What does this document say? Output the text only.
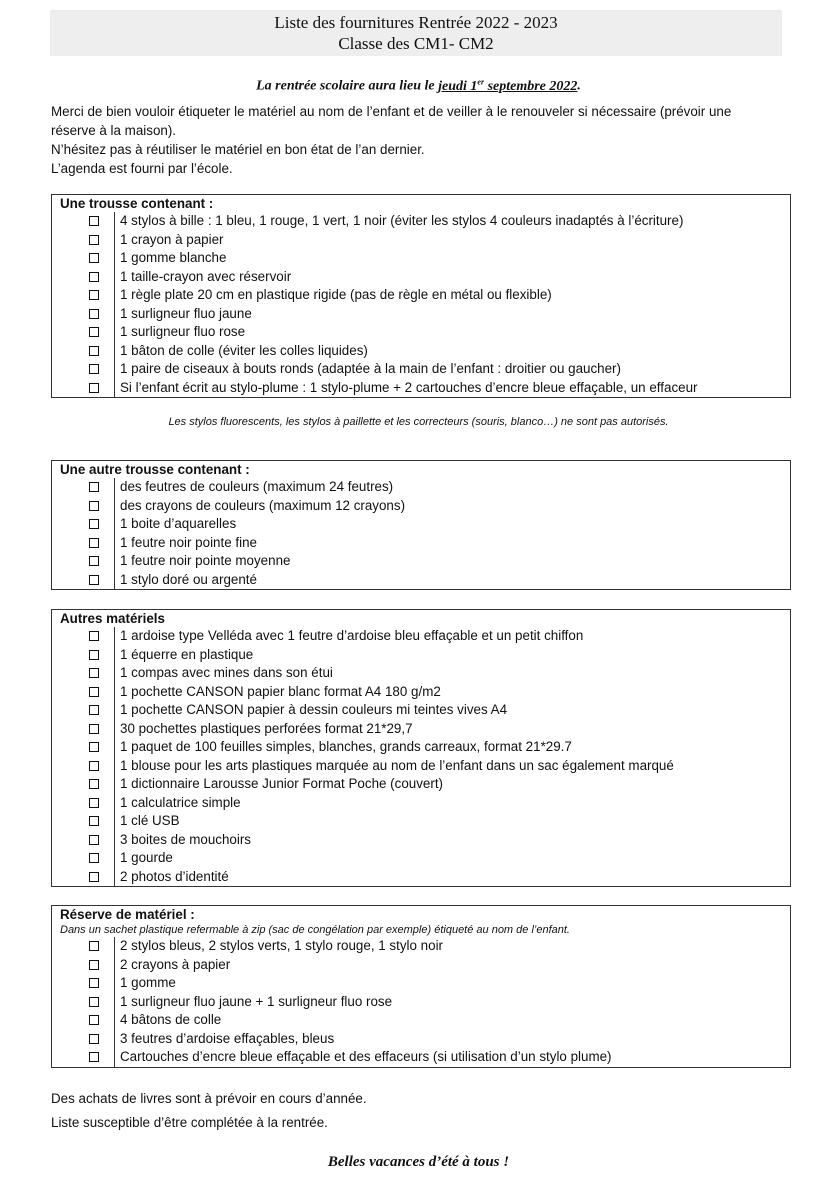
Liste des fournitures Rentrée 2022 - 2023
Classe des CM1- CM2
La rentrée scolaire aura lieu le jeudi 1er septembre 2022.

Merci de bien vouloir étiqueter le matériel au nom de l’enfant et de veiller à le renouveler si nécessaire (prévoir une

réserve à la maison).

N’hésitez pas à réutiliser le matériel en bon état de l’an dernier.

L’agenda est fourni par l’école.

Une trousse contenant :
4 stylos à bille : 1 bleu, 1 rouge, 1 vert, 1 noir (éviter les stylos 4 couleurs inadaptés à l’écriture)
1 crayon à papier
1 gomme blanche
1 taille-crayon avec réservoir
1 règle plate 20 cm en plastique rigide (pas de règle en métal ou flexible)
1 surligneur fluo jaune
1 surligneur fluo rose
1 bâton de colle (éviter les colles liquides)
1 paire de ciseaux à bouts ronds (adaptée à la main de l’enfant : droitier ou gaucher)
Si l’enfant écrit au stylo-plume : 1 stylo-plume + 2 cartouches d’encre bleue effaçable, un effaceur
Les stylos fluorescents, les stylos à paillette et les correcteurs (souris, blanco…) ne sont pas autorisés.
Une autre trousse contenant :
des feutres de couleurs (maximum 24 feutres)
des crayons de couleurs (maximum 12 crayons)
1 boite d’aquarelles
1 feutre noir pointe fine
1 feutre noir pointe moyenne
1 stylo doré ou argenté
Autres matériels
1 ardoise type Velléda avec 1 feutre d’ardoise bleu effaçable et un petit chiffon
1 équerre en plastique
1 compas avec mines dans son étui
1 pochette CANSON papier blanc format A4 180 g/m2
1 pochette CANSON papier à dessin couleurs mi teintes vives A4
30 pochettes plastiques perforées format 21*29,7
1 paquet de 100 feuilles simples, blanches, grands carreaux, format 21*29.7
1 blouse pour les arts plastiques marquée au nom de l’enfant dans un sac également marqué
1 dictionnaire Larousse Junior Format Poche (couvert)
1 calculatrice simple
1 clé USB
3 boites de mouchoirs
1 gourde
2 photos d’identité
Réserve de matériel :
Dans un sachet plastique refermable à zip (sac de congélation par exemple) étiqueté au nom de l’enfant.
2 stylos bleus, 2 stylos verts, 1 stylo rouge, 1 stylo noir
2 crayons à papier
1 gomme
1 surligneur fluo jaune + 1 surligneur fluo rose
4 bâtons de colle
3 feutres d’ardoise effaçables, bleus
Cartouches d’encre bleue effaçable et des effaceurs (si utilisation d’un stylo plume)
Des achats de livres sont à prévoir en cours d’année.
Liste susceptible d’être complétée à la rentrée.
Belles vacances d’été à tous !
